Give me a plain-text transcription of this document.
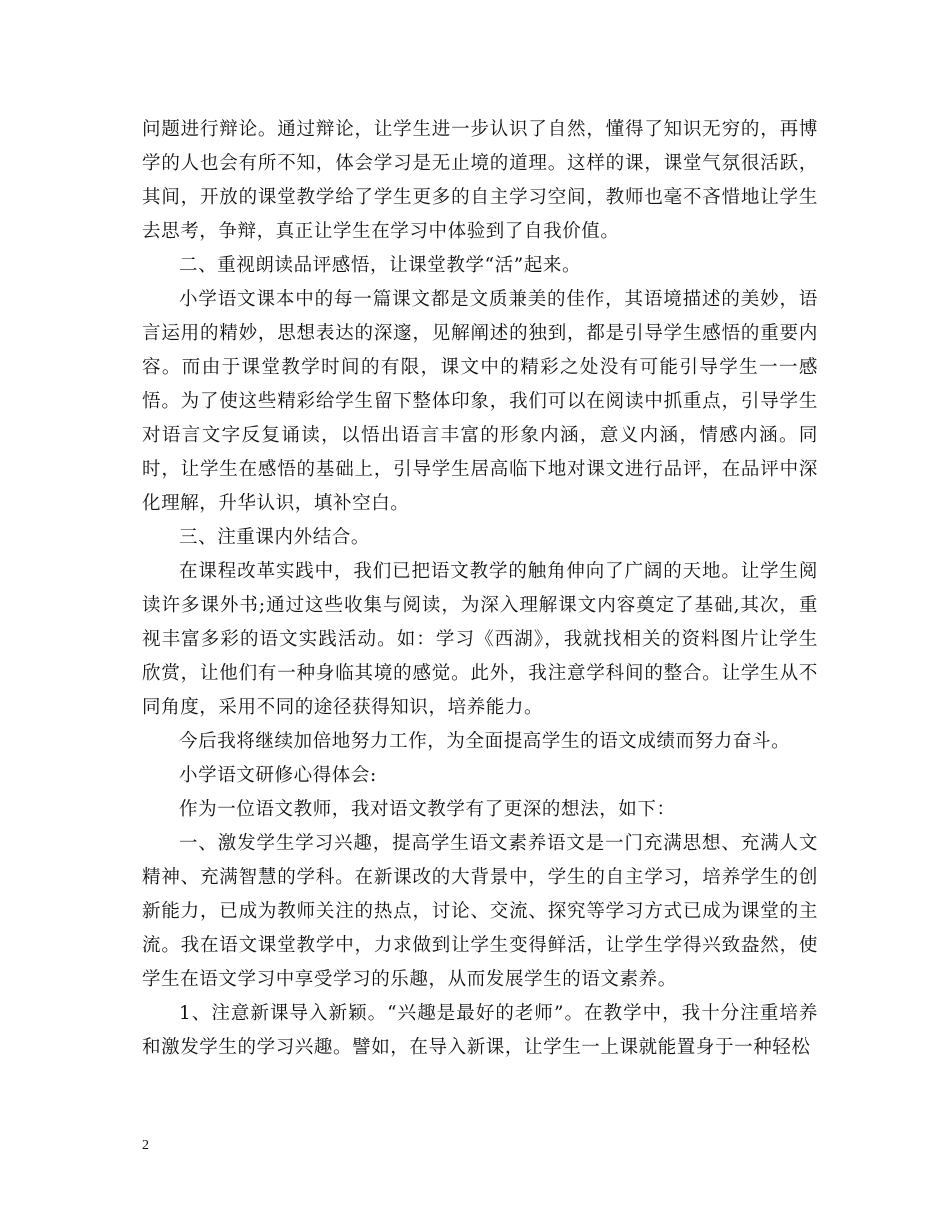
问题进行辩论。通过辩论，让学生进一步认识了自然，懂得了知识无穷的，再博学的人也会有所不知，体会学习是无止境的道理。这样的课，课堂气氛很活跃，其间，开放的课堂教学给了学生更多的自主学习空间，教师也毫不吝惜地让学生去思考，争辩，真正让学生在学习中体验到了自我价值。

二、重视朗读品评感悟，让课堂教学“活”起来。

小学语文课本中的每一篇课文都是文质兼美的佳作，其语境描述的美妙，语言运用的精妙，思想表达的深邃，见解阐述的独到，都是引导学生感悟的重要内容。而由于课堂教学时间的有限，课文中的精彩之处没有可能引导学生一一感悟。为了使这些精彩给学生留下整体印象，我们可以在阅读中抓重点，引导学生对语言文字反复诵读，以悟出语言丰富的形象内涵，意义内涵，情感内涵。同时，让学生在感悟的基础上，引导学生居高临下地对课文进行品评，在品评中深化理解，升华认识，填补空白。

三、注重课内外结合。

在课程改革实践中，我们已把语文教学的触角伸向了广阔的天地。让学生阅读许多课外书;通过这些收集与阅读，为深入理解课文内容奠定了基础,其次，重视丰富多彩的语文实践活动。如：学习《西湖》，我就找相关的资料图片让学生欣赏，让他们有一种身临其境的感觉。此外，我注意学科间的整合。让学生从不同角度，采用不同的途径获得知识，培养能力。

今后我将继续加倍地努力工作，为全面提高学生的语文成绩而努力奋斗。

小学语文研修心得体会:

作为一位语文教师，我对语文教学有了更深的想法，如下：

一、激发学生学习兴趣，提高学生语文素养语文是一门充满思想、充满人文精神、充满智慧的学科。在新课改的大背景中，学生的自主学习，培养学生的创新能力，已成为教师关注的热点，讨论、交流、探究等学习方式已成为课堂的主流。我在语文课堂教学中，力求做到让学生变得鲜活，让学生学得兴致盎然，使学生在语文学习中享受学习的乐趣，从而发展学生的语文素养。

1、注意新课导入新颖。“兴趣是最好的老师”。在教学中，我十分注重培养和激发学生的学习兴趣。譬如，在导入新课，让学生一上课就能置身于一种轻松

2
